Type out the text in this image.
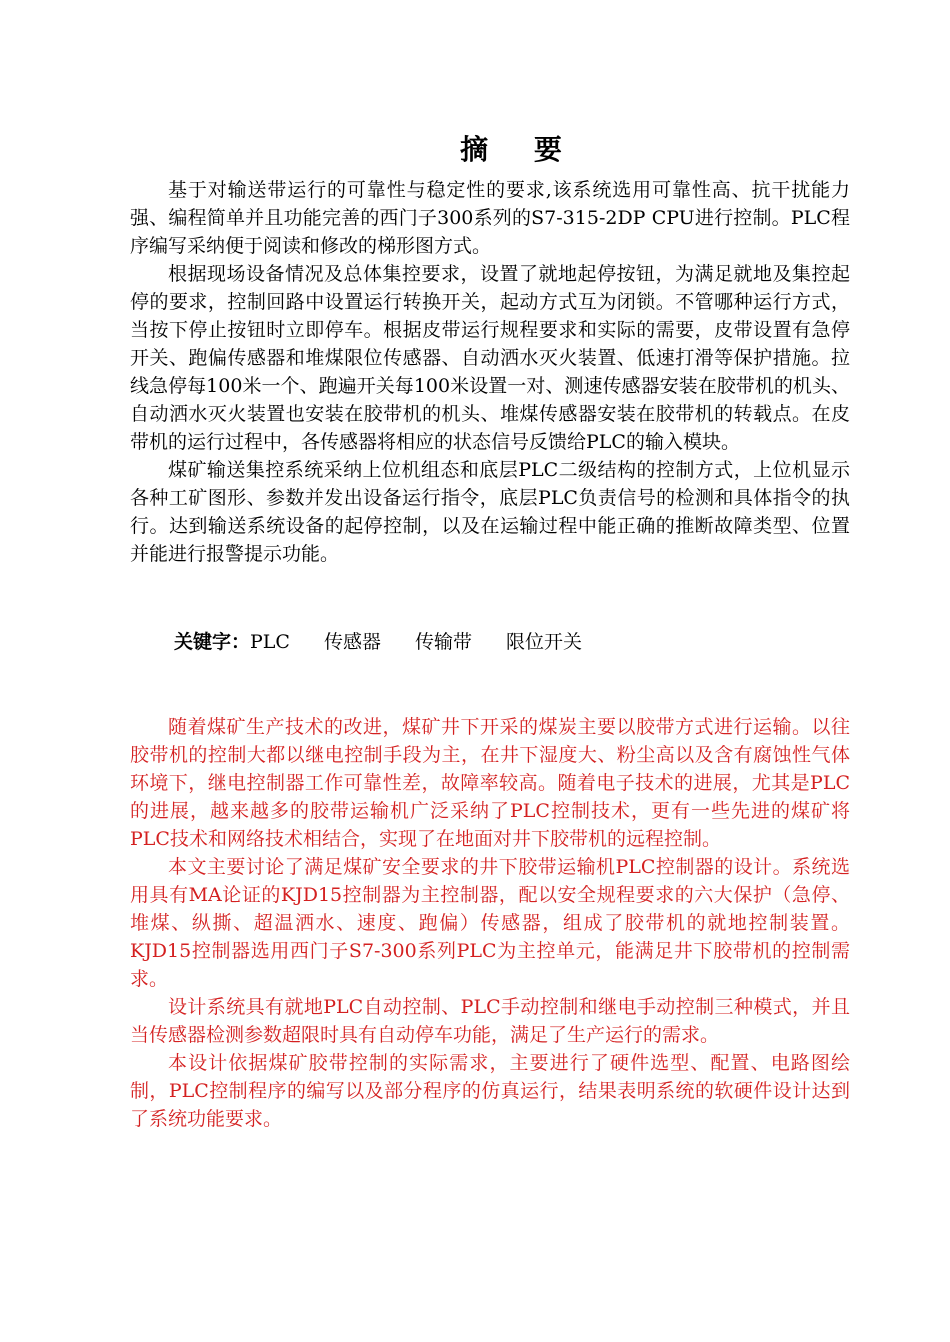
摘 要

基于对输送带运行的可靠性与稳定性的要求,该系统选用可靠性高、抗干扰能力强、编程简单并且功能完善的西门子300系列的S7-315-2DP CPU进行控制。PLC程序编写采纳便于阅读和修改的梯形图方式。

根据现场设备情况及总体集控要求，设置了就地起停按钮，为满足就地及集控起停的要求，控制回路中设置运行转换开关，起动方式互为闭锁。不管哪种运行方式，当按下停止按钮时立即停车。根据皮带运行规程要求和实际的需要，皮带设置有急停开关、跑偏传感器和堆煤限位传感器、自动洒水灭火装置、低速打滑等保护措施。拉线急停每100米一个、跑遍开关每100米设置一对、测速传感器安装在胶带机的机头、自动洒水灭火装置也安装在胶带机的机头、堆煤传感器安装在胶带机的转载点。在皮带机的运行过程中，各传感器将相应的状态信号反馈给PLC的输入模块。

煤矿输送集控系统采纳上位机组态和底层PLC二级结构的控制方式，上位机显示各种工矿图形、参数并发出设备运行指令，底层PLC负责信号的检测和具体指令的执行。达到输送系统设备的起停控制，以及在运输过程中能正确的推断故障类型、位置并能进行报警提示功能。

关键字：PLC 传感器 传输带 限位开关

随着煤矿生产技术的改进，煤矿井下开采的煤炭主要以胶带方式进行运输。以往胶带机的控制大都以继电控制手段为主，在井下湿度大、粉尘高以及含有腐蚀性气体环境下，继电控制器工作可靠性差，故障率较高。随着电子技术的进展，尤其是PLC的进展，越来越多的胶带运输机广泛采纳了PLC控制技术，更有一些先进的煤矿将PLC技术和网络技术相结合，实现了在地面对井下胶带机的远程控制。

本文主要讨论了满足煤矿安全要求的井下胶带运输机PLC控制器的设计。系统选用具有MA论证的KJD15控制器为主控制器，配以安全规程要求的六大保护（急停、堆煤、纵撕、超温洒水、速度、跑偏）传感器，组成了胶带机的就地控制装置。KJD15控制器选用西门子S7-300系列PLC为主控单元，能满足井下胶带机的控制需求。

设计系统具有就地PLC自动控制、PLC手动控制和继电手动控制三种模式，并且当传感器检测参数超限时具有自动停车功能，满足了生产运行的需求。

本设计依据煤矿胶带控制的实际需求，主要进行了硬件选型、配置、电路图绘制，PLC控制程序的编写以及部分程序的仿真运行，结果表明系统的软硬件设计达到了系统功能要求。
